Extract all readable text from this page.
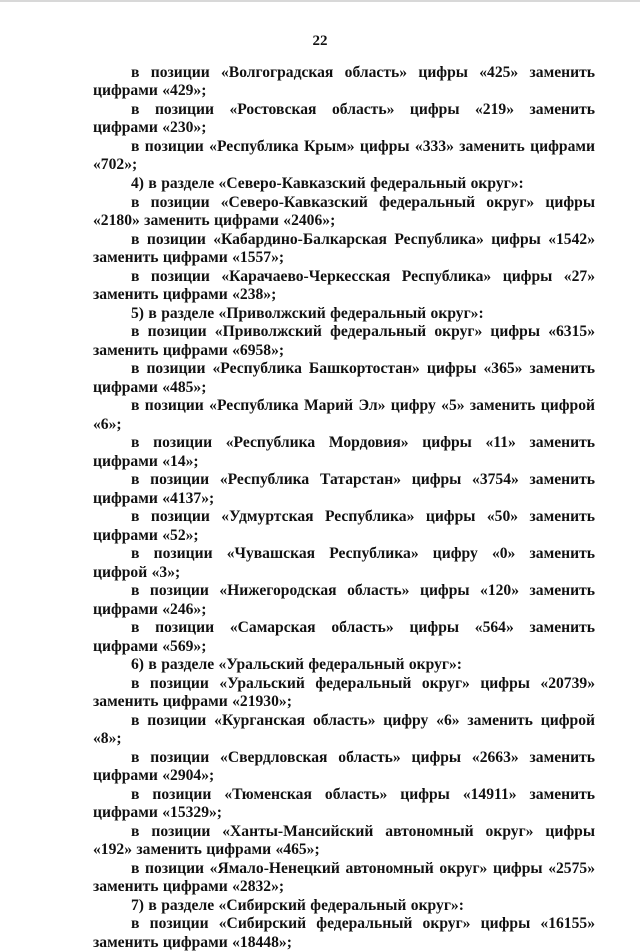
22

в позиции «Волгоградская область» цифры «425» заменить цифрами «429»;

в позиции «Ростовская область» цифры «219» заменить цифрами «230»;

в позиции «Республика Крым» цифры «333» заменить цифрами «702»;

4) в разделе «Северо-Кавказский федеральный округ»:

в позиции «Северо-Кавказский федеральный округ» цифры «2180» заменить цифрами «2406»;

в позиции «Кабардино-Балкарская Республика» цифры «1542» заменить цифрами «1557»;

в позиции «Карачаево-Черкесская Республика» цифры «27» заменить цифрами «238»;

5) в разделе «Приволжский федеральный округ»:

в позиции «Приволжский федеральный округ» цифры «6315» заменить цифрами «6958»;

в позиции «Республика Башкортостан» цифры «365» заменить цифрами «485»;

в позиции «Республика Марий Эл» цифру «5» заменить цифрой «6»;

в позиции «Республика Мордовия» цифры «11» заменить цифрами «14»;

в позиции «Республика Татарстан» цифры «3754» заменить цифрами «4137»;

в позиции «Удмуртская Республика» цифры «50» заменить цифрами «52»;

в позиции «Чувашская Республика» цифру «0» заменить цифрой «3»;

в позиции «Нижегородская область» цифры «120» заменить цифрами «246»;

в позиции «Самарская область» цифры «564» заменить цифрами «569»;

6) в разделе «Уральский федеральный округ»:

в позиции «Уральский федеральный округ» цифры «20739» заменить цифрами «21930»;

в позиции «Курганская область» цифру «6» заменить цифрой «8»;

в позиции «Свердловская область» цифры «2663» заменить цифрами «2904»;

в позиции «Тюменская область» цифры «14911» заменить цифрами «15329»;

в позиции «Ханты-Мансийский автономный округ» цифры «192» заменить цифрами «465»;

в позиции «Ямало-Ненецкий автономный округ» цифры «2575» заменить цифрами «2832»;

7) в разделе «Сибирский федеральный округ»:

в позиции «Сибирский федеральный округ» цифры «16155» заменить цифрами «18448»;
